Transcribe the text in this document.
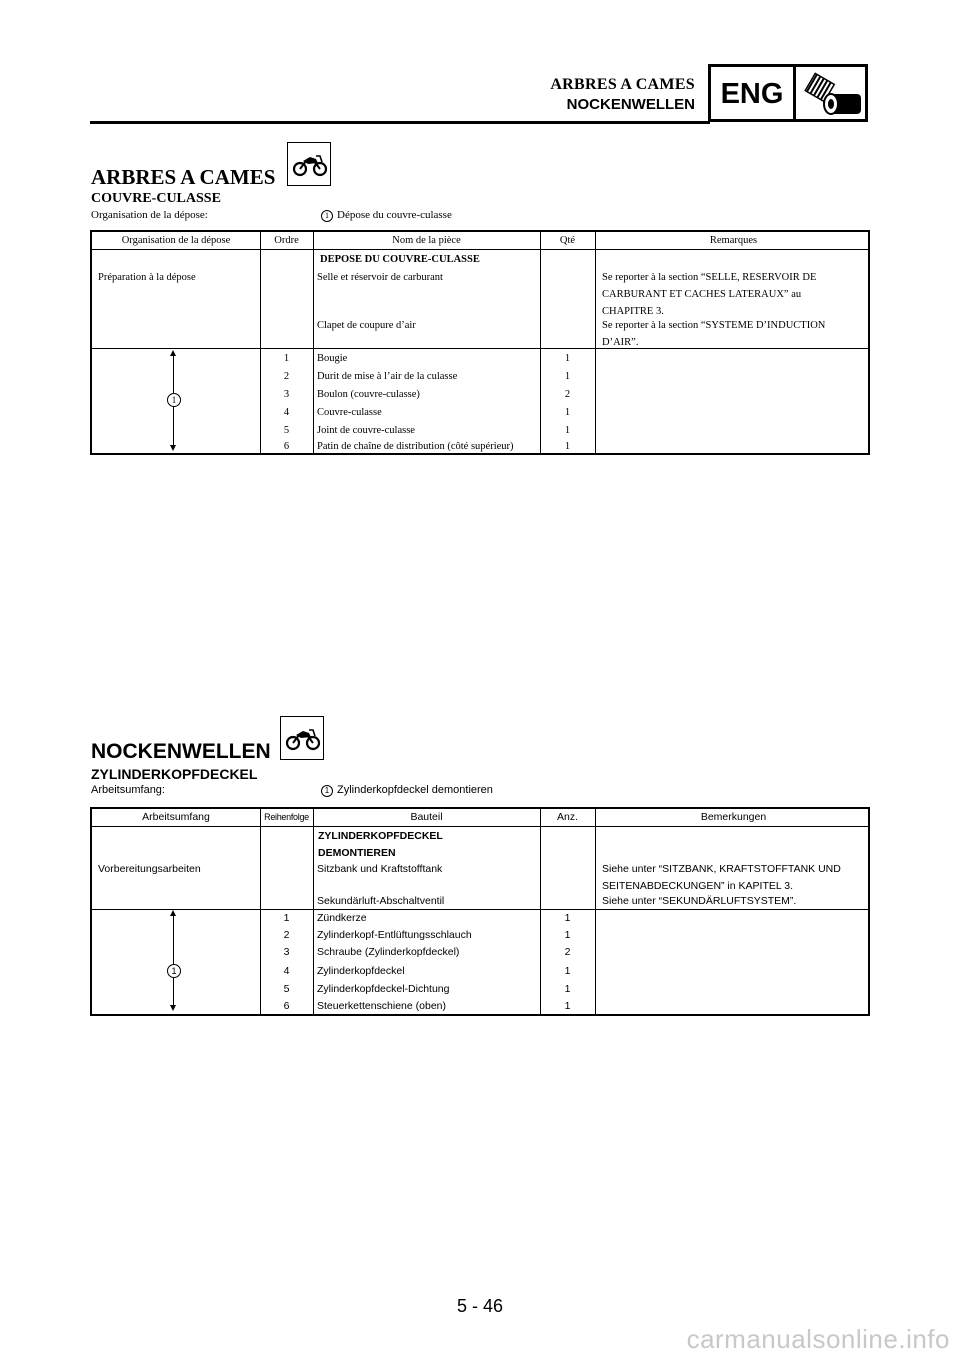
ARBRES A CAMES
NOCKENWELLEN ENG
ARBRES A CAMES
COUVRE-CULASSE
Organisation de la dépose:	1 Dépose du couvre-culasse
Organisation de la dépose	Ordre	Nom de la pièce	Qté	Remarques
DEPOSE DU COUVRE-CULASSE
Préparation à la dépose	Selle et réservoir de carburant	Se reporter à la section “SELLE, RESERVOIR DE CARBURANT ET CACHES LATERAUX” au CHAPITRE 3.
Clapet de coupure d’air	Se reporter à la section “SYSTEME D’INDUCTION D’AIR”.
1
1	Bougie	1
2	Durit de mise à l’air de la culasse	1
3	Boulon (couvre-culasse)	2
4	Couvre-culasse	1
5	Joint de couvre-culasse	1
6	Patin de chaîne de distribution (côté supérieur)	1
NOCKENWELLEN
ZYLINDERKOPFDECKEL
Arbeitsumfang:	1 Zylinderkopfdeckel demontieren
Arbeitsumfang	Reihenfolge	Bauteil	Anz.	Bemerkungen
ZYLINDERKOPFDECKEL DEMONTIEREN
Vorbereitungsarbeiten	Sitzbank und Kraftstofftank	Siehe unter “SITZBANK, KRAFTSTOFFTANK UND SEITENABDECKUNGEN” in KAPITEL 3.
Sekundärluft-Abschaltventil	Siehe unter “SEKUNDÄRLUFTSYSTEM”.
1
1	Zündkerze	1
2	Zylinderkopf-Entlüftungsschlauch	1
3	Schraube (Zylinderkopfdeckel)	2
4	Zylinderkopfdeckel	1
5	Zylinderkopfdeckel-Dichtung	1
6	Steuerkettenschiene (oben)	1
5 - 46
carmanualsonline.info
